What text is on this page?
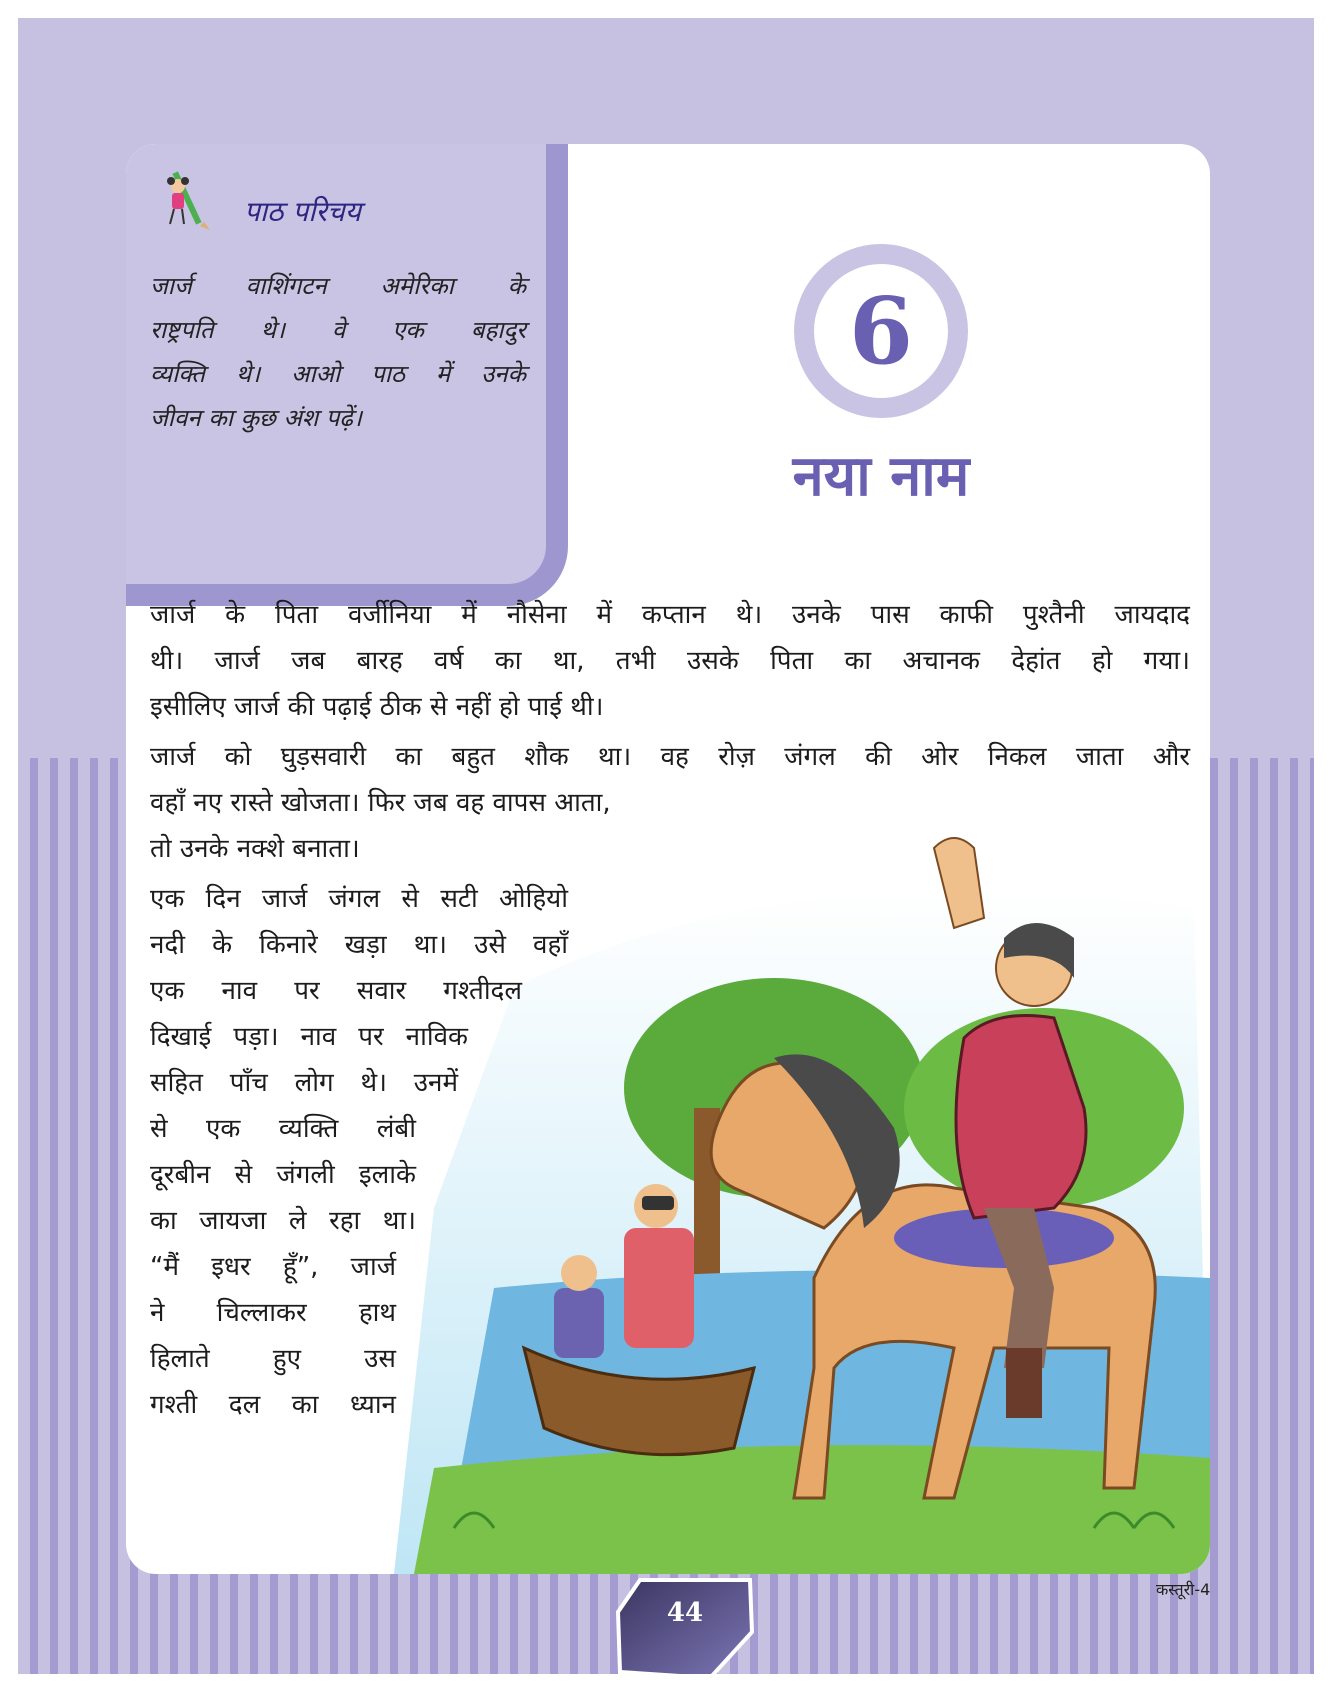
पाठ परिचय
जार्ज वाशिंगटन अमेरिका के
राष्ट्रपति थे। वे एक बहादुर
व्यक्ति थे। आओ पाठ में उनके
जीवन का कुछ अंश पढ़ें।
6
नया नाम
जार्ज के पिता वर्जीनिया में नौसेना में कप्तान थे। उनके पास काफी पुश्तैनी जायदाद
थी। जार्ज जब बारह वर्ष का था, तभी उसके पिता का अचानक देहांत हो गया।
इसीलिए जार्ज की पढ़ाई ठीक से नहीं हो पाई थी।
जार्ज को घुड़सवारी का बहुत शौक था। वह रोज़ जंगल की ओर निकल जाता और
वहाँ नए रास्ते खोजता। फिर जब वह वापस आता,
तो उनके नक्शे बनाता।
एक दिन जार्ज जंगल से सटी ओहियो
नदी के किनारे खड़ा था। उसे वहाँ
एक नाव पर सवार गश्तीदल
दिखाई पड़ा। नाव पर नाविक
सहित पाँच लोग थे। उनमें
से एक व्यक्ति लंबी
दूरबीन से जंगली इलाके
का जायजा ले रहा था।
“मैं इधर हूँ”, जार्ज
ने चिल्लाकर हाथ
हिलाते हुए उस
गश्ती दल का ध्यान
44
कस्तूरी-4
